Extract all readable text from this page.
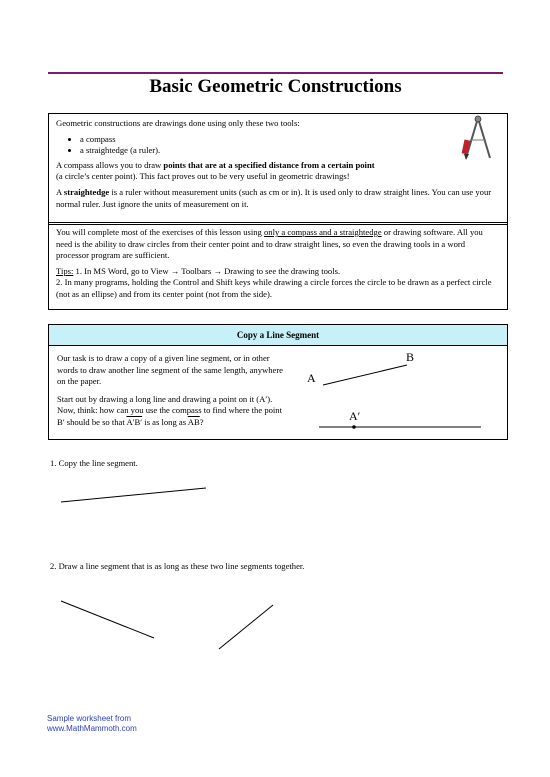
Basic Geometric Constructions

Geometric constructions are drawings done using only these two tools:

• a compass
• a straightedge (a ruler).

A compass allows you to draw points that are at a specified distance from a certain point
(a circle’s center point). This fact proves out to be very useful in geometric drawings!

A straightedge is a ruler without measurement units (such as cm or in). It is used only to draw straight lines. You can use your normal ruler. Just ignore the units of measurement on it.

You will complete most of the exercises of this lesson using only a compass and a straightedge or drawing software. All you need is the ability to draw circles from their center point and to draw straight lines, so even the drawing tools in a word processor program are sufficient.

Tips: 1. In MS Word, go to View → Toolbars → Drawing to see the drawing tools.
2. In many programs, holding the Control and Shift keys while drawing a circle forces the circle to be drawn as a perfect circle (not as an ellipse) and from its center point (not from the side).

Copy a Line Segment

Our task is to draw a copy of a given line segment, or in other words to draw another line segment of the same length, anywhere on the paper.

Start out by drawing a long line and drawing a point on it (A′). Now, think: how can you use the compass to find where the point B′ should be so that A′B′ is as long as $\overline{AB}$?

A
B
A′
1. Copy the line segment.
2. Draw a line segment that is as long as these two line segments together.
Sample worksheet from
www.MathMammoth.com
